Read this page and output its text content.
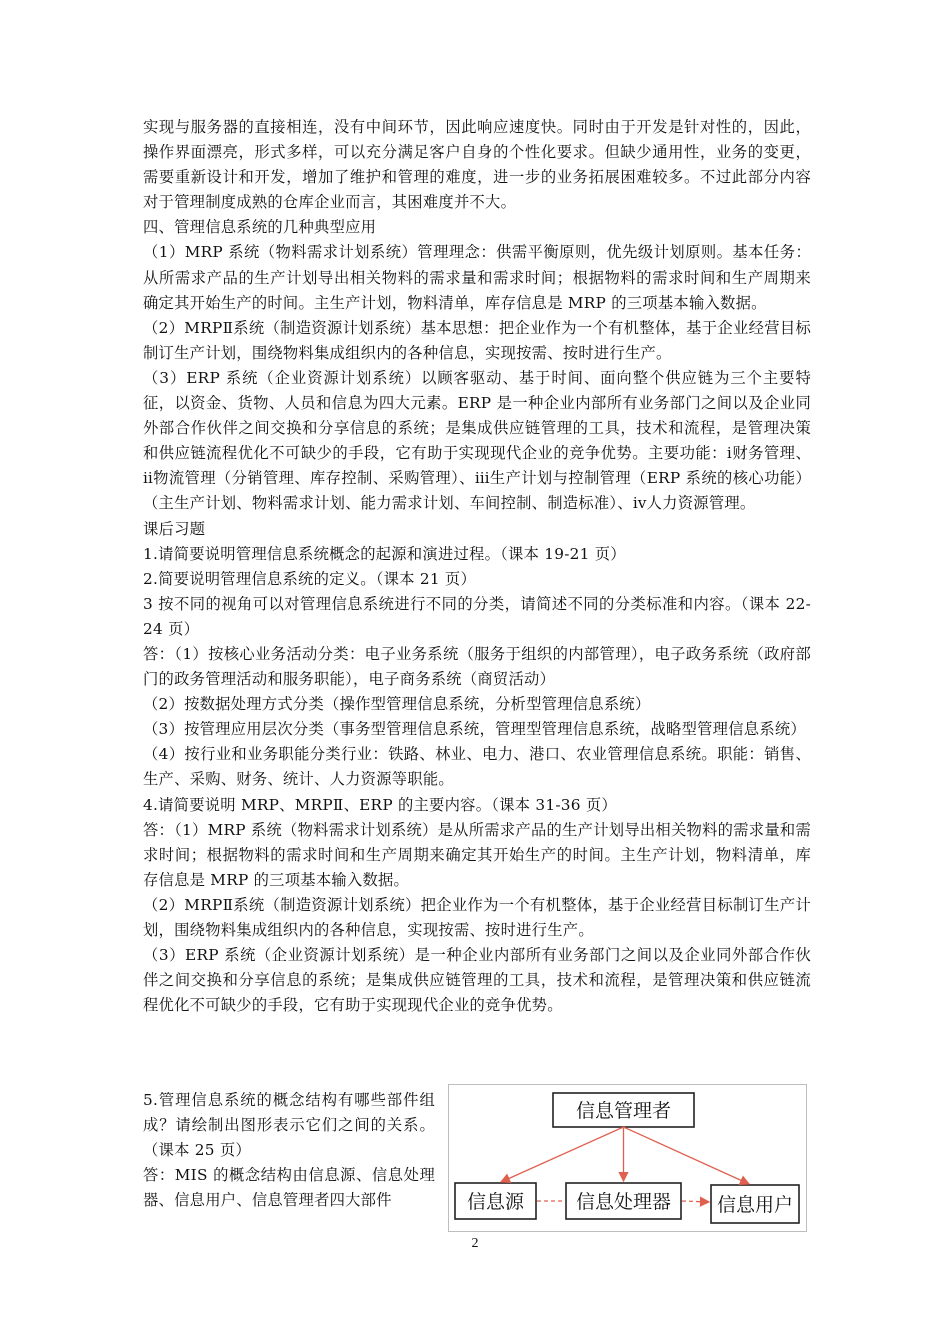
实现与服务器的直接相连，没有中间环节，因此响应速度快。同时由于开发是针对性的，因此，操作界面漂亮，形式多样，可以充分满足客户自身的个性化要求。但缺少通用性，业务的变更，需要重新设计和开发，增加了维护和管理的难度，进一步的业务拓展困难较多。不过此部分内容对于管理制度成熟的仓库企业而言，其困难度并不大。

四、管理信息系统的几种典型应用

（1）MRP 系统（物料需求计划系统）管理理念：供需平衡原则，优先级计划原则。基本任务：从所需求产品的生产计划导出相关物料的需求量和需求时间；根据物料的需求时间和生产周期来确定其开始生产的时间。主生产计划，物料清单，库存信息是 MRP 的三项基本输入数据。

（2）MRPⅡ系统（制造资源计划系统）基本思想：把企业作为一个有机整体，基于企业经营目标制订生产计划，围绕物料集成组织内的各种信息，实现按需、按时进行生产。

（3）ERP 系统（企业资源计划系统）以顾客驱动、基于时间、面向整个供应链为三个主要特征，以资金、货物、人员和信息为四大元素。ERP 是一种企业内部所有业务部门之间以及企业同外部合作伙伴之间交换和分享信息的系统；是集成供应链管理的工具，技术和流程，是管理决策和供应链流程优化不可缺少的手段，它有助于实现现代企业的竞争优势。主要功能：ⅰ财务管理、ⅱ物流管理（分销管理、库存控制、采购管理）、ⅲ生产计划与控制管理（ERP 系统的核心功能）（主生产计划、物料需求计划、能力需求计划、车间控制、制造标准）、ⅳ人力资源管理。

课后习题

1.请简要说明管理信息系统概念的起源和演进过程。（课本 19-21 页）

2.简要说明管理信息系统的定义。（课本 21 页）

3 按不同的视角可以对管理信息系统进行不同的分类，请简述不同的分类标准和内容。（课本 22-24 页）

答：（1）按核心业务活动分类：电子业务系统（服务于组织的内部管理），电子政务系统（政府部门的政务管理活动和服务职能），电子商务系统（商贸活动）

（2）按数据处理方式分类（操作型管理信息系统，分析型管理信息系统）

（3）按管理应用层次分类（事务型管理信息系统，管理型管理信息系统，战略型管理信息系统）

（4）按行业和业务职能分类行业：铁路、林业、电力、港口、农业管理信息系统。职能：销售、生产、采购、财务、统计、人力资源等职能。

4.请简要说明 MRP、MRPⅡ、ERP 的主要内容。（课本 31-36 页）

答：（1）MRP 系统（物料需求计划系统）是从所需求产品的生产计划导出相关物料的需求量和需求时间；根据物料的需求时间和生产周期来确定其开始生产的时间。主生产计划，物料清单，库存信息是 MRP 的三项基本输入数据。

（2）MRPⅡ系统（制造资源计划系统）把企业作为一个有机整体，基于企业经营目标制订生产计划，围绕物料集成组织内的各种信息，实现按需、按时进行生产。

（3）ERP 系统（企业资源计划系统）是一种企业内部所有业务部门之间以及企业同外部合作伙伴之间交换和分享信息的系统；是集成供应链管理的工具，技术和流程，是管理决策和供应链流程优化不可缺少的手段，它有助于实现现代企业的竞争优势。

5.管理信息系统的概念结构有哪些部件组成？请绘制出图形表示它们之间的关系。（课本 25 页）

答：MIS 的概念结构由信息源、信息处理器、信息用户、信息管理者四大部件

信息管理者
信息源	信息处理器 信息用户
2
